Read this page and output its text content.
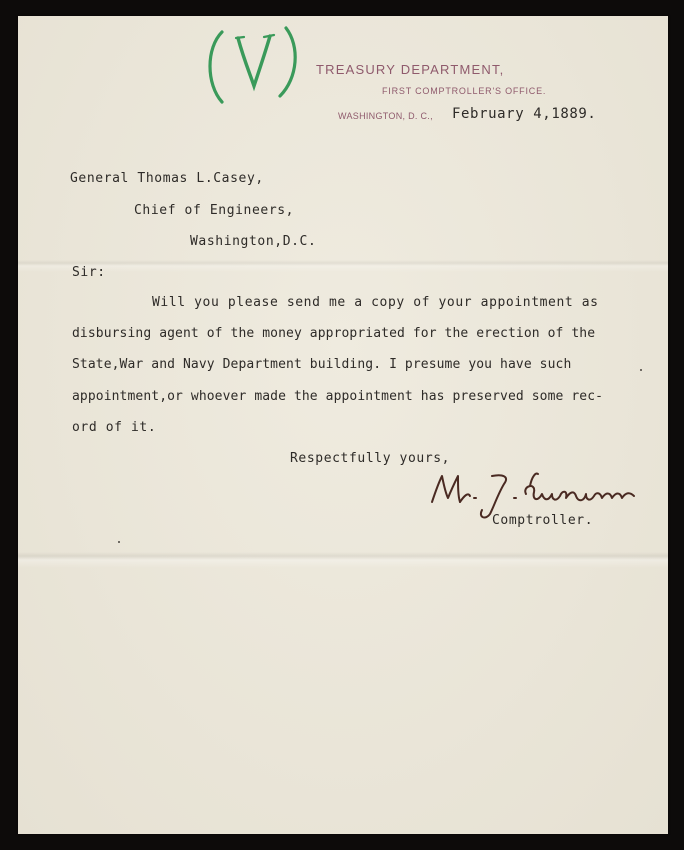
TREASURY DEPARTMENT,
FIRST COMPTROLLER'S OFFICE.
WASHINGTON, D. C., February 4,1889.
General Thomas L.Casey,
Chief of Engineers,
Washington,D.C.
Sir:
Will you please send me a copy of your appointment as
disbursing agent of the money appropriated for the erection of the
State,War and Navy Department building. I presume you have such
appointment,or whoever made the appointment has preserved some rec-
ord of it.
Respectfully yours,
Comptroller.
